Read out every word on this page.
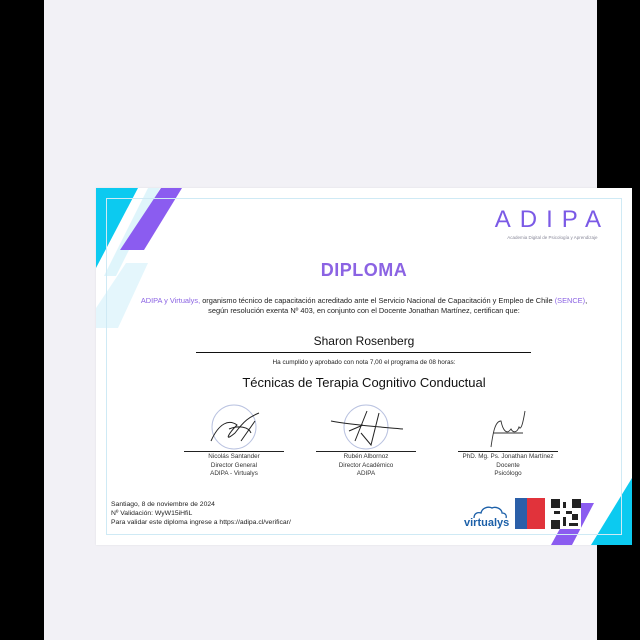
ADIPA
Academia Digital de Psicología y Aprendizaje
DIPLOMA
ADIPA y Virtualys, organismo técnico de capacitación acreditado ante el Servicio Nacional de Capacitación y Empleo de Chile (SENCE), según resolución exenta Nº 403, en conjunto con el Docente Jonathan Martínez, certifican que:
Sharon Rosenberg
Ha cumplido y aprobado con nota 7,00 el programa de 08 horas:
Técnicas de Terapia Cognitivo Conductual
Nicolás Santander
Director General
ADIPA - Virtualys
Rubén Albornoz
Director Académico
ADIPA
PhD. Mg. Ps. Jonathan Martínez
Docente
Psicólogo
Santiago, 8 de noviembre de 2024
Nº Validación: WyW15iHfiL
Para validar este diploma ingrese a https://adipa.cl/verificar/	virtualys
